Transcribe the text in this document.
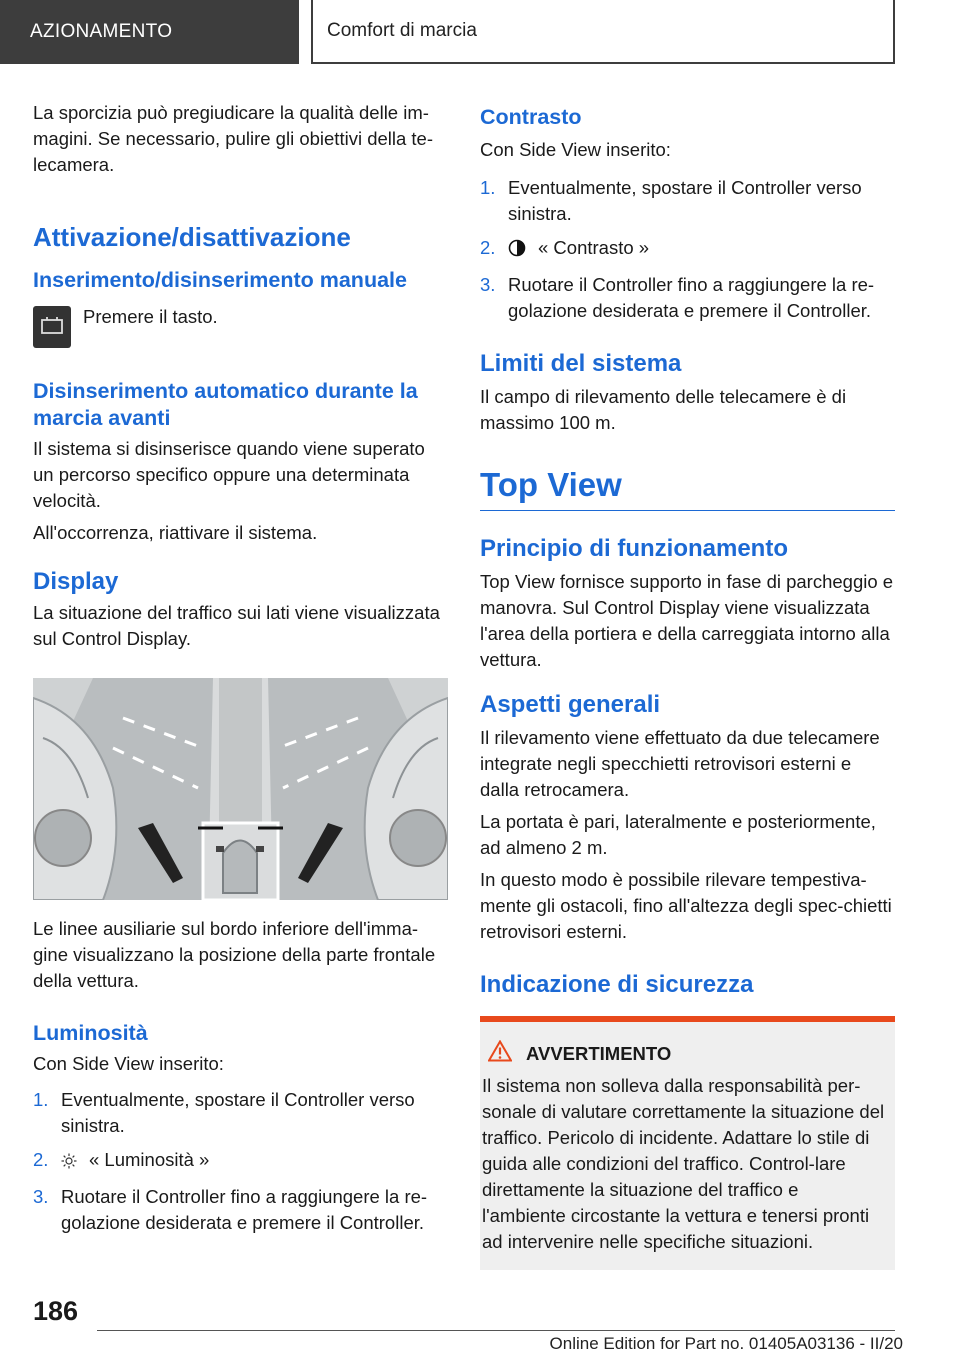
AZIONAMENTO	Comfort di marcia

La sporcizia può pregiudicare la qualità delle im-magini. Se necessario, pulire gli obiettivi della te-lecamera.

Attivazione/disattivazione
Inserimento/disinserimento manuale

Premere il tasto.

Disinserimento automatico durante la marcia avanti

Il sistema si disinserisce quando viene superato un percorso specifico oppure una determinata velocità.

All'occorrenza, riattivare il sistema.

Display

La situazione del traffico sui lati viene visualizzata sul Control Display.

Le linee ausiliarie sul bordo inferiore dell'imma-gine visualizzano la posizione della parte frontale della vettura.

Luminosità

Con Side View inserito:

1. Eventualmente, spostare il Controller verso sinistra.
2.	« Luminosità »
3. Ruotare il Controller fino a raggiungere la re-golazione desiderata e premere il Controller.
Contrasto

Con Side View inserito:

1. Eventualmente, spostare il Controller verso sinistra.
2.	« Contrasto »
3. Ruotare il Controller fino a raggiungere la re-golazione desiderata e premere il Controller.
Limiti del sistema

Il campo di rilevamento delle telecamere è di massimo 100 m.

Top View
Principio di funzionamento

Top View fornisce supporto in fase di parcheggio e manovra. Sul Control Display viene visualizzata l'area della portiera e della carreggiata intorno alla vettura.

Aspetti generali

Il rilevamento viene effettuato da due telecamere integrate negli specchietti retrovisori esterni e dalla retrocamera.

La portata è pari, lateralmente e posteriormente, ad almeno 2 m.

In questo modo è possibile rilevare tempestiva-mente gli ostacoli, fino all'altezza degli spec-chietti retrovisori esterni.

Indicazione di sicurezza
AVVERTIMENTO

Il sistema non solleva dalla responsabilità per-sonale di valutare correttamente la situazione del traffico. Pericolo di incidente. Adattare lo stile di guida alle condizioni del traffico. Control-lare direttamente la situazione del traffico e l'ambiente circostante la vettura e tenersi pronti ad intervenire nelle specifiche situazioni.

186
Online Edition for Part no. 01405A03136 - II/20
